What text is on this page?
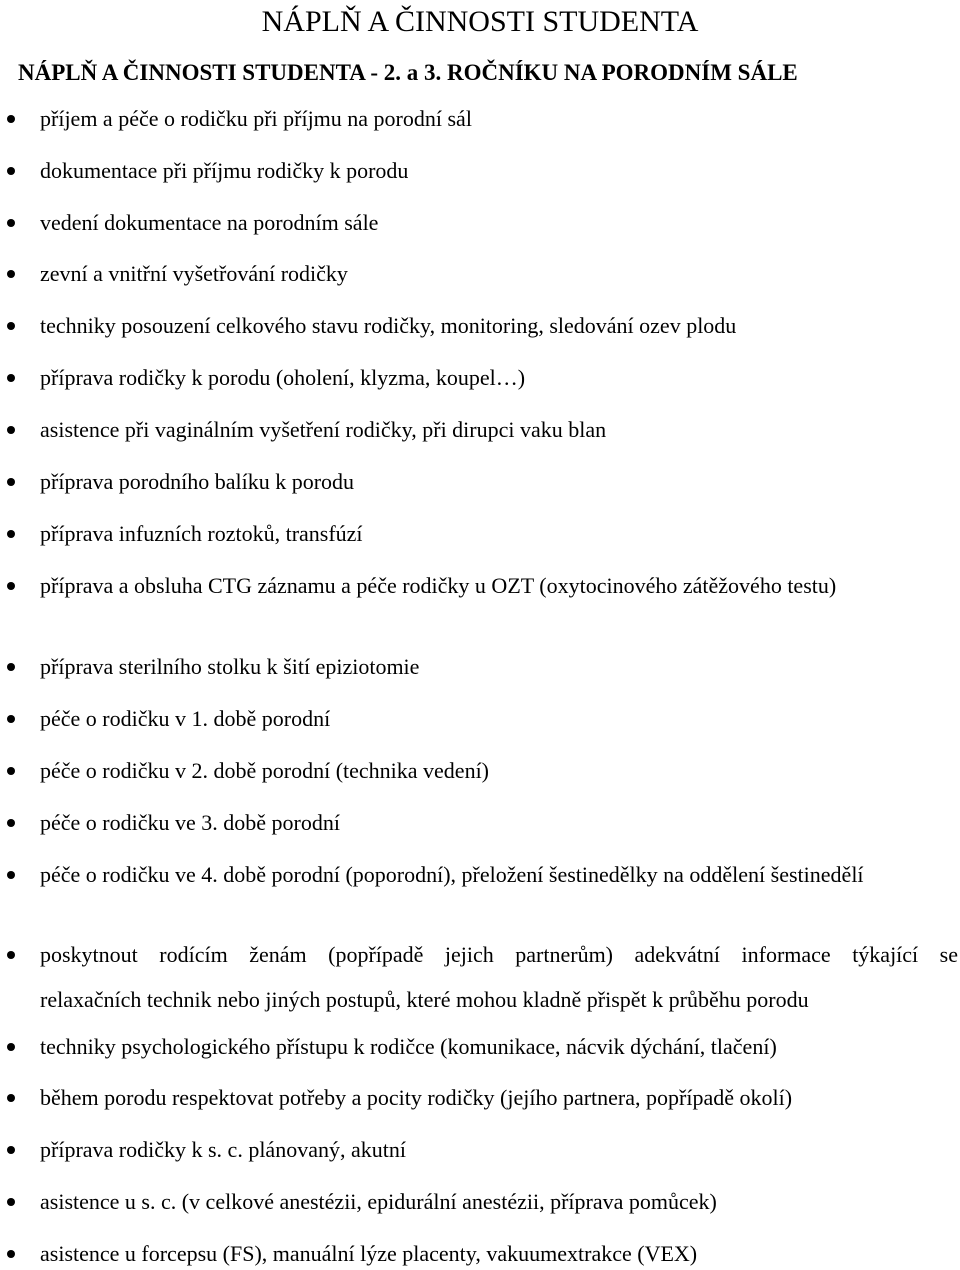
NÁPLŇ A ČINNOSTI STUDENTA
NÁPLŇ A ČINNOSTI STUDENTA - 2. a 3. ROČNÍKU NA PORODNÍM SÁLE
příjem a péče o rodičku při příjmu na porodní sál
dokumentace při příjmu rodičky k porodu
vedení dokumentace na porodním sále
zevní a vnitřní vyšetřování rodičky
techniky posouzení celkového stavu rodičky, monitoring, sledování ozev plodu
příprava rodičky k porodu (oholení, klyzma, koupel…)
asistence při vaginálním vyšetření rodičky, při dirupci vaku blan
příprava porodního balíku k porodu
příprava infuzních roztoků, transfúzí
příprava a obsluha CTG záznamu a péče rodičky u OZT (oxytocinového zátěžového testu)
příprava sterilního stolku k šití epiziotomie
péče o rodičku v 1. době porodní
péče o rodičku v 2. době porodní (technika vedení)
péče o rodičku ve 3. době porodní
péče o rodičku ve 4. době porodní (poporodní), přeložení šestinedělky na oddělení šestinedělí
poskytnout rodícím ženám (popřípadě jejich partnerům) adekvátní informace týkající se
techniky psychologického přístupu k rodičce (komunikace, nácvik dýchání, tlačení)
během porodu respektovat potřeby a pocity rodičky (jejího partnera, popřípadě okolí)
příprava rodičky k s. c. plánovaný, akutní
asistence u s. c. (v celkové anestézii, epidurální anestézii, příprava pomůcek)
asistence u forcepsu (FS), manuální lýze placenty, vakuumextrakce (VEX)

relaxačních technik nebo jiných postupů, které mohou kladně přispět k průběhu porodu
